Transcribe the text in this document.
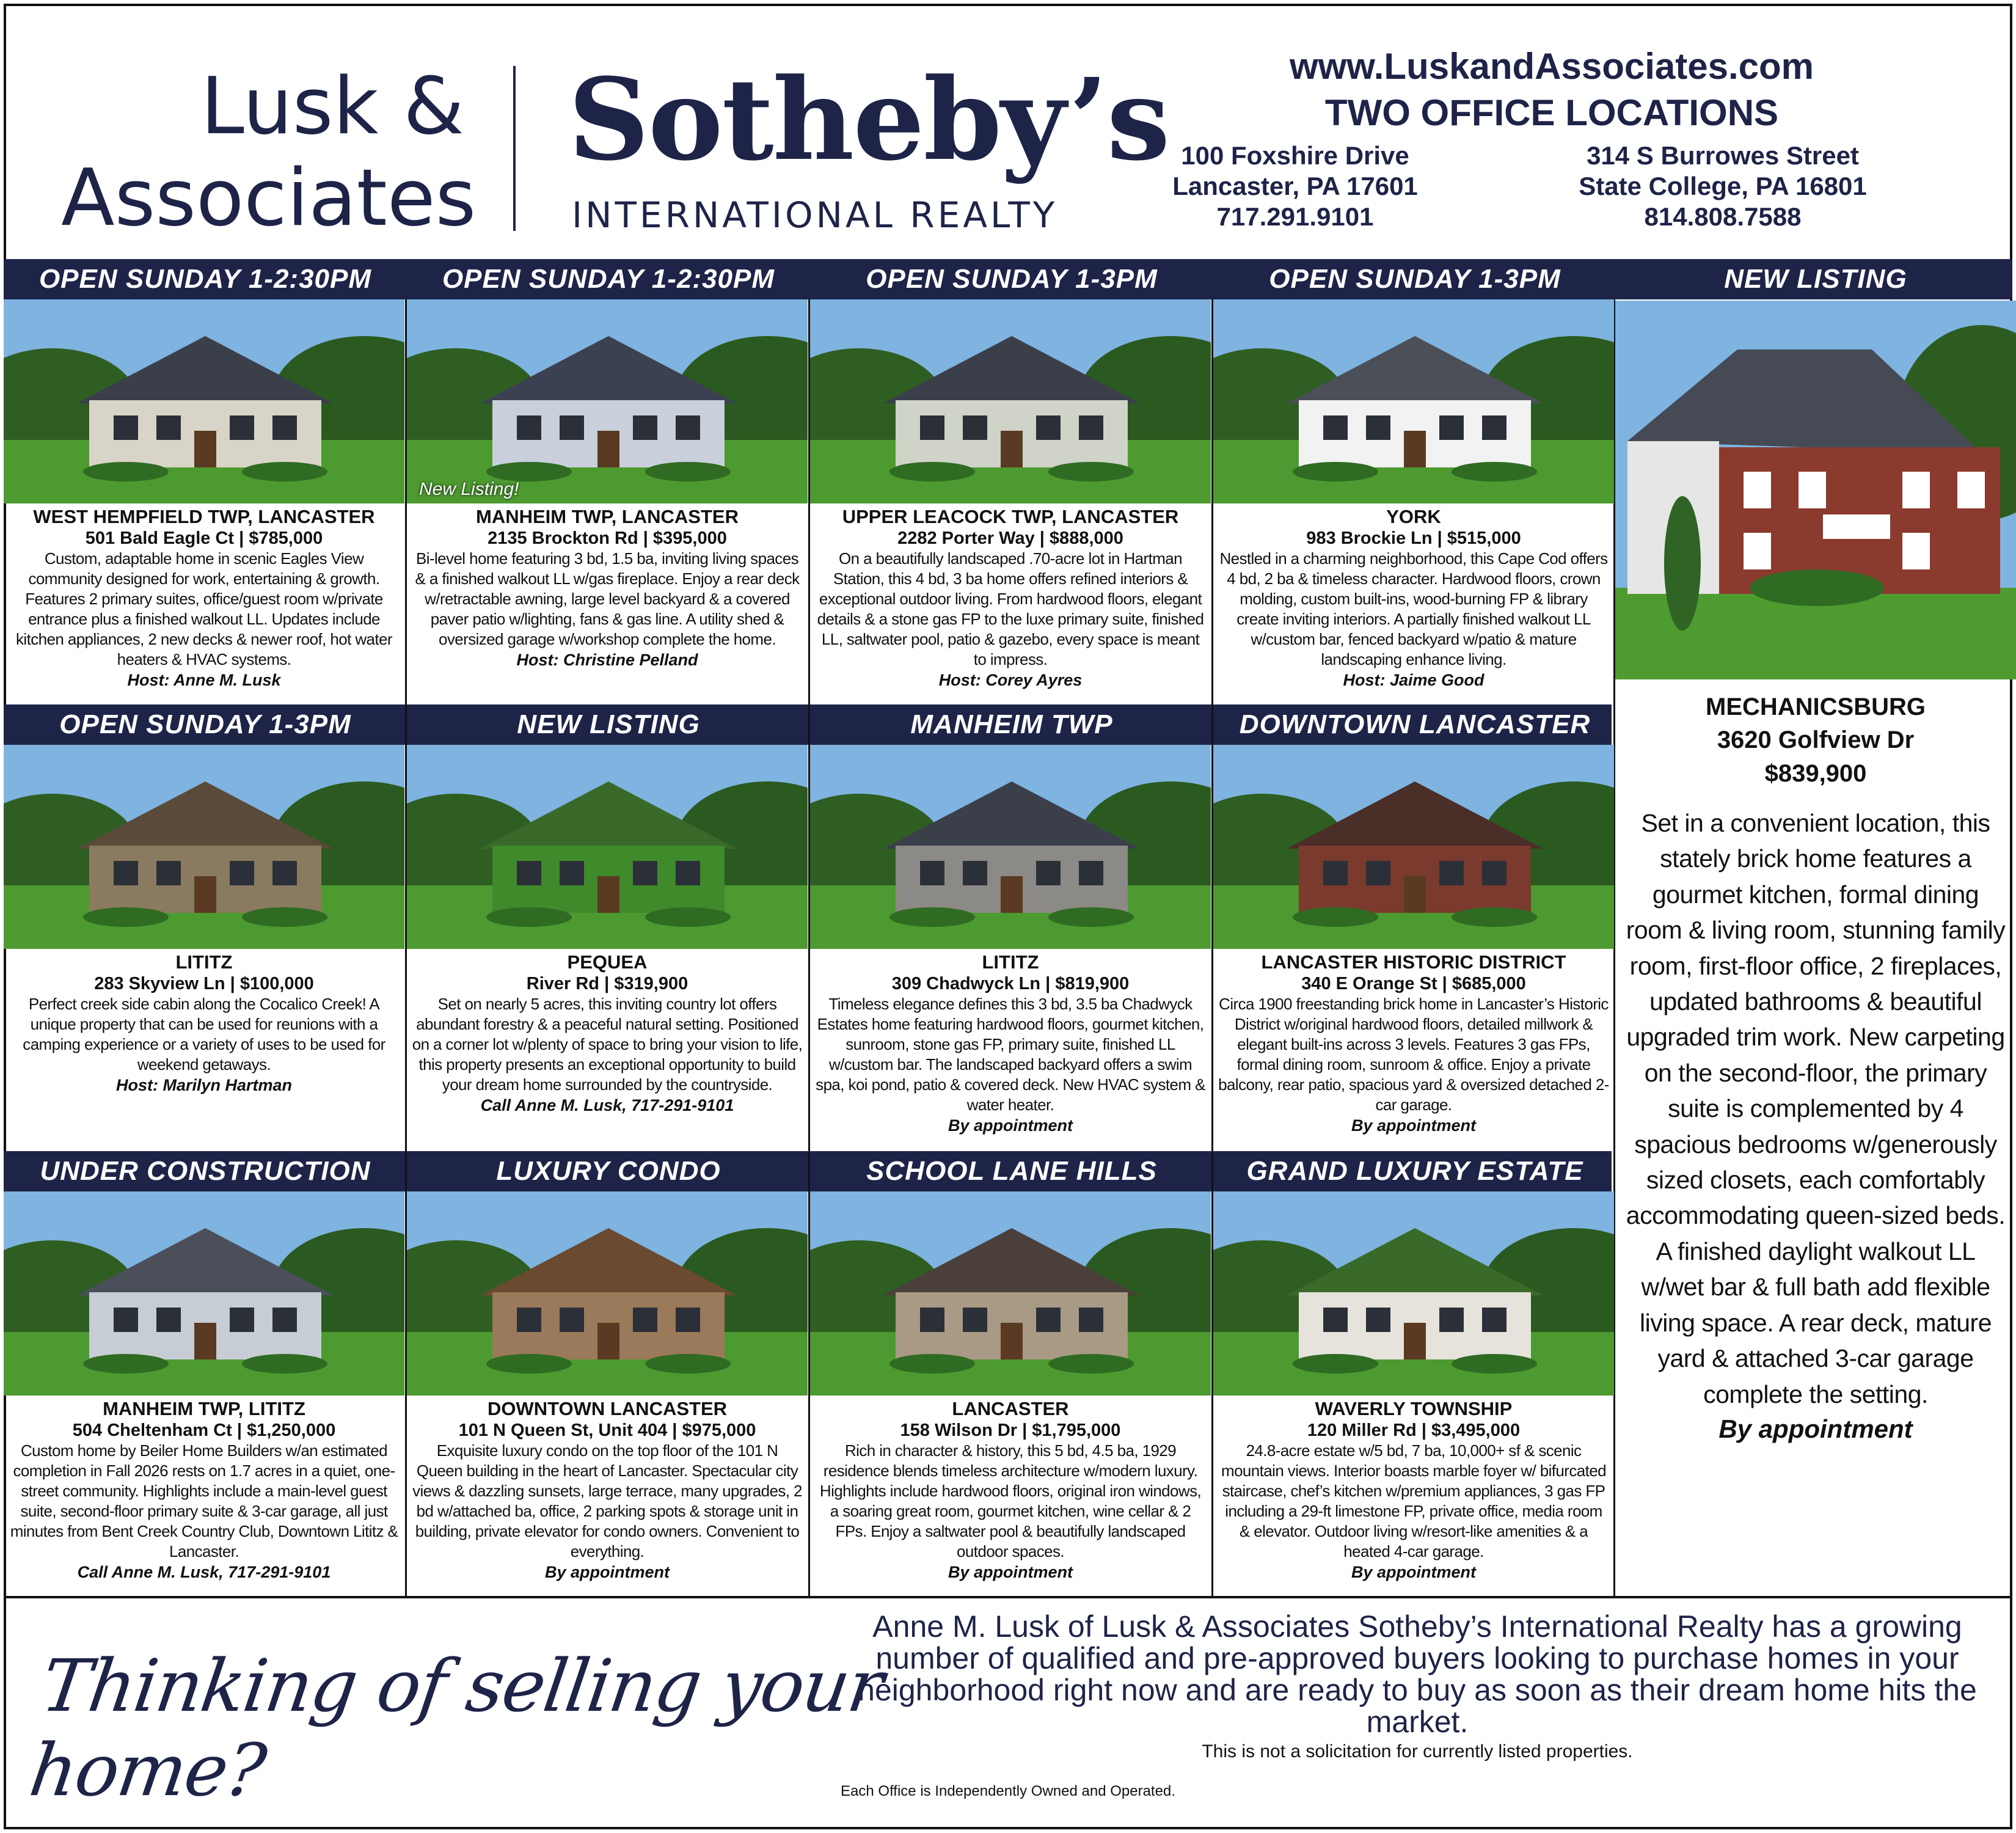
Lusk &
Associates
Sotheby’s
INTERNATIONAL REALTY
www.LuskandAssociates.com
TWO OFFICE LOCATIONS
100 Foxshire Drive
Lancaster, PA 17601
717.291.9101
314 S Burrowes Street
State College, PA 16801
814.808.7588
OPEN SUNDAY 1-2:30PM	OPEN SUNDAY 1-2:30PM	OPEN SUNDAY 1-3PM	OPEN SUNDAY 1-3PM	NEW LISTING
OPEN SUNDAY 1-3PM	NEW LISTING	MANHEIM TWP	DOWNTOWN LANCASTER
UNDER CONSTRUCTION	LUXURY CONDO	SCHOOL LANE HILLS	GRAND LUXURY ESTATE
WEST HEMPFIELD TWP, LANCASTER
501 Bald Eagle Ct | $785,000
Custom, adaptable home in scenic Eagles View community designed for work, entertaining & growth. Features 2 primary suites, office/guest room w/private entrance plus a finished walkout LL. Updates include kitchen appliances, 2 new decks & newer roof, hot water heaters & HVAC systems.
Host: Anne M. Lusk
New Listing!
MANHEIM TWP, LANCASTER
2135 Brockton Rd | $395,000
Bi-level home featuring 3 bd, 1.5 ba, inviting living spaces & a finished walkout LL w/gas fireplace. Enjoy a rear deck w/retractable awning, large level backyard & a covered paver patio w/lighting, fans & gas line. A utility shed & oversized garage w/workshop complete the home.
Host: Christine Pelland
UPPER LEACOCK TWP, LANCASTER
2282 Porter Way | $888,000
On a beautifully landscaped .70-acre lot in Hartman Station, this 4 bd, 3 ba home offers refined interiors & exceptional outdoor living. From hardwood floors, elegant details & a stone gas FP to the luxe primary suite, finished LL, saltwater pool, patio & gazebo, every space is meant to impress.
Host: Corey Ayres
YORK
983 Brockie Ln | $515,000
Nestled in a charming neighborhood, this Cape Cod offers 4 bd, 2 ba & timeless character. Hardwood floors, crown molding, custom built-ins, wood-burning FP & library create inviting interiors. A partially finished walkout LL w/custom bar, fenced backyard w/patio & mature landscaping enhance living.
Host: Jaime Good
LITITZ
283 Skyview Ln | $100,000
Perfect creek side cabin along the Cocalico Creek! A unique property that can be used for reunions with a camping experience or a variety of uses to be used for weekend getaways.
Host: Marilyn Hartman
PEQUEA
River Rd | $319,900
Set on nearly 5 acres, this inviting country lot offers abundant forestry & a peaceful natural setting. Positioned on a corner lot w/plenty of space to bring your vision to life, this property presents an exceptional opportunity to build your dream home surrounded by the countryside.
Call Anne M. Lusk, 717-291-9101
LITITZ
309 Chadwyck Ln | $819,900
Timeless elegance defines this 3 bd, 3.5 ba Chadwyck Estates home featuring hardwood floors, gourmet kitchen, sunroom, stone gas FP, primary suite, finished LL w/custom bar. The landscaped backyard offers a swim spa, koi pond, patio & covered deck. New HVAC system & water heater.
By appointment
LANCASTER HISTORIC DISTRICT
340 E Orange St | $685,000
Circa 1900 freestanding brick home in Lancaster’s Historic District w/original hardwood floors, detailed millwork & elegant built-ins across 3 levels. Features 3 gas FPs, formal dining room, sunroom & office. Enjoy a private balcony, rear patio, spacious yard & oversized detached 2-car garage.
By appointment
MANHEIM TWP, LITITZ
504 Cheltenham Ct | $1,250,000
Custom home by Beiler Home Builders w/an estimated completion in Fall 2026 rests on 1.7 acres in a quiet, one-street community. Highlights include a main-level guest suite, second-floor primary suite & 3-car garage, all just minutes from Bent Creek Country Club, Downtown Lititz & Lancaster.
Call Anne M. Lusk, 717-291-9101
DOWNTOWN LANCASTER
101 N Queen St, Unit 404 | $975,000
Exquisite luxury condo on the top floor of the 101 N Queen building in the heart of Lancaster. Spectacular city views & dazzling sunsets, large terrace, many upgrades, 2 bd w/attached ba, office, 2 parking spots & storage unit in building, private elevator for condo owners. Convenient to everything.
By appointment
LANCASTER
158 Wilson Dr | $1,795,000
Rich in character & history, this 5 bd, 4.5 ba, 1929 residence blends timeless architecture w/modern luxury. Highlights include hardwood floors, original iron windows, a soaring great room, gourmet kitchen, wine cellar & 2 FPs. Enjoy a saltwater pool & beautifully landscaped outdoor spaces.
By appointment
WAVERLY TOWNSHIP
120 Miller Rd | $3,495,000
24.8-acre estate w/5 bd, 7 ba, 10,000+ sf & scenic mountain views. Interior boasts marble foyer w/ bifurcated staircase, chef’s kitchen w/premium appliances, 3 gas FP including a 29-ft limestone FP, private office, media room & elevator. Outdoor living w/resort-like amenities & a heated 4-car garage.
By appointment
MECHANICSBURG
3620 Golfview Dr
$839,900
Set in a convenient location, this stately brick home features a gourmet kitchen, formal dining room & living room, stunning family room, first-floor office, 2 fireplaces, updated bathrooms & beautiful upgraded trim work. New carpeting on the second-floor, the primary suite is complemented by 4 spacious bedrooms w/generously sized closets, each comfortably accommodating queen-sized beds. A finished daylight walkout LL w/wet bar & full bath add flexible living space. A rear deck, mature yard & attached 3-car garage complete the setting.
By appointment
Thinking of selling your home?
Anne M. Lusk of Lusk & Associates Sotheby’s International Realty has a growing number of qualified and pre-approved buyers looking to purchase homes in your neighborhood right now and are ready to buy as soon as their dream home hits the market.
This is not a solicitation for currently listed properties.
Each Office is Independently Owned and Operated.
